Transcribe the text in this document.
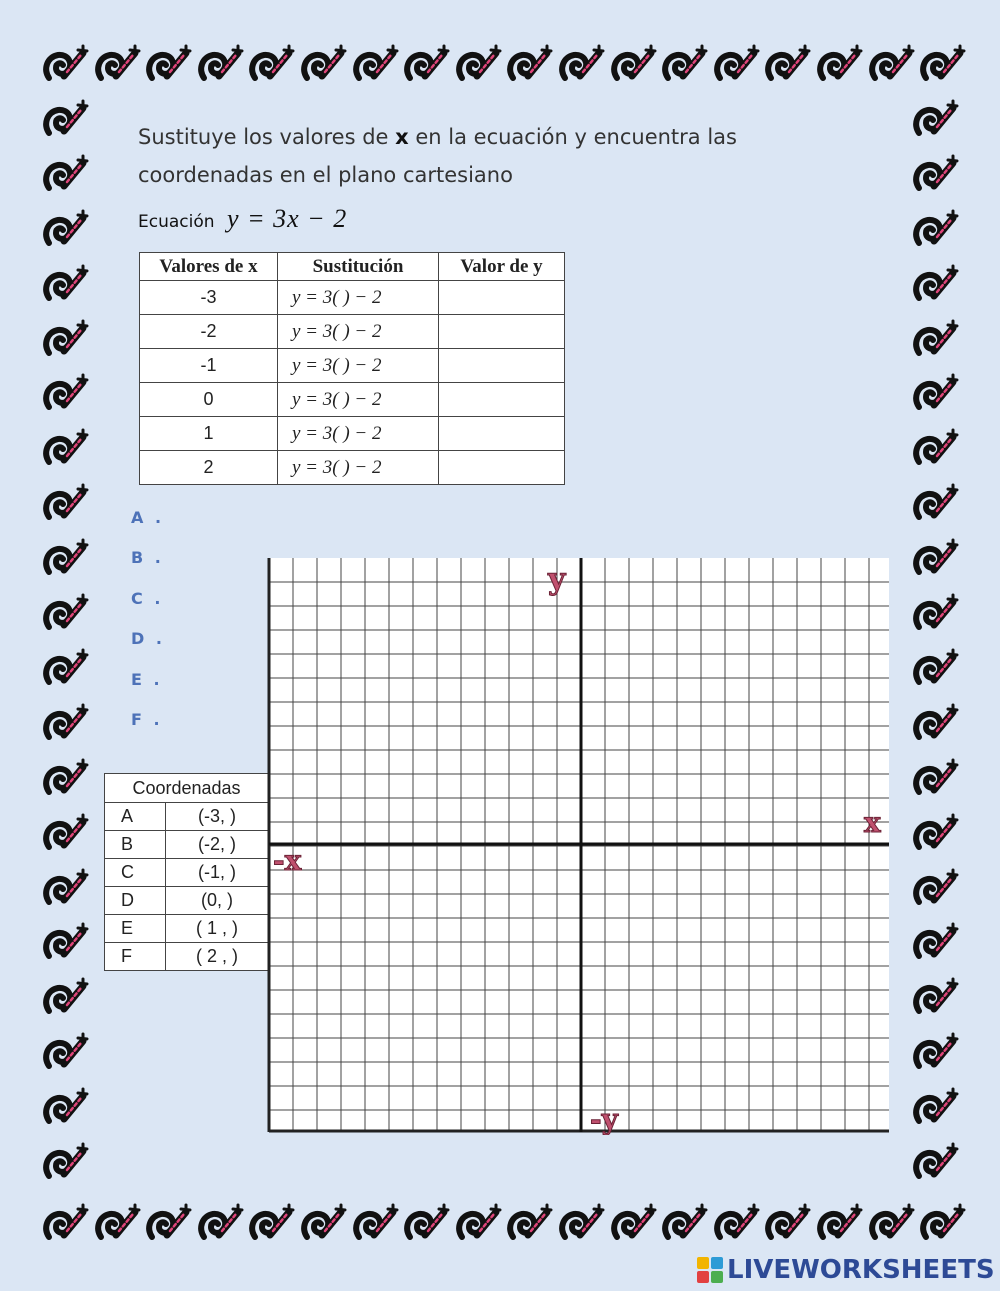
Sustituye los valores de x en la ecuación y encuentra las
coordenadas en el plano cartesiano
Ecuación y = 3x − 2
Valores de x	Sustitución	Valor de y
-3	y = 3( ) − 2	
-2	y = 3( ) − 2	
-1	y = 3( ) − 2	
0	y = 3( ) − 2	
1	y = 3( ) − 2	
2	y = 3( ) − 2	
A .
B .
C .
D .
E .
F .
Coordenadas	
A	(-3, )
B	(-2, )
C	(-1, )
D	(0, )
E	( 1 , )
F	( 2 , )
y
x
-x
-y
LIVEWORKSHEETS
